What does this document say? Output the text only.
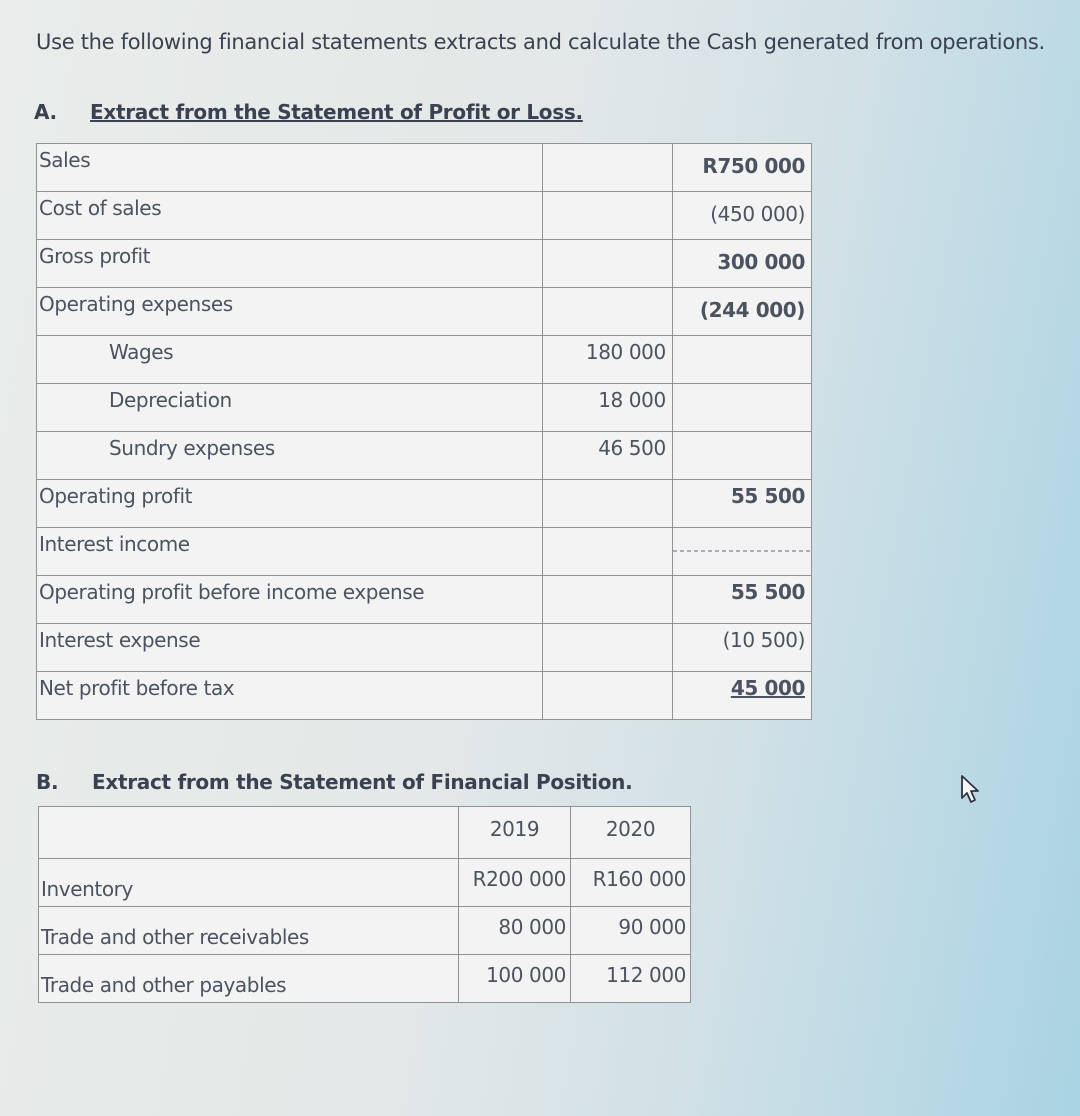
Use the following financial statements extracts and calculate the Cash generated from operations.
A. Extract from the Statement of Profit or Loss.
Sales		R750 000
Cost of sales		(450 000)
Gross profit		300 000
Operating expenses		(244 000)
Wages	180 000	
Depreciation	18 000	
Sundry expenses	46 500	
Operating profit		55 500
Interest income		
Operating profit before income expense		55 500
Interest expense		(10 500)
Net profit before tax		45 000
B. Extract from the Statement of Financial Position.
	2019	2020
Inventory	R200 000	R160 000
Trade and other receivables	80 000	90 000
Trade and other payables	100 000	112 000
